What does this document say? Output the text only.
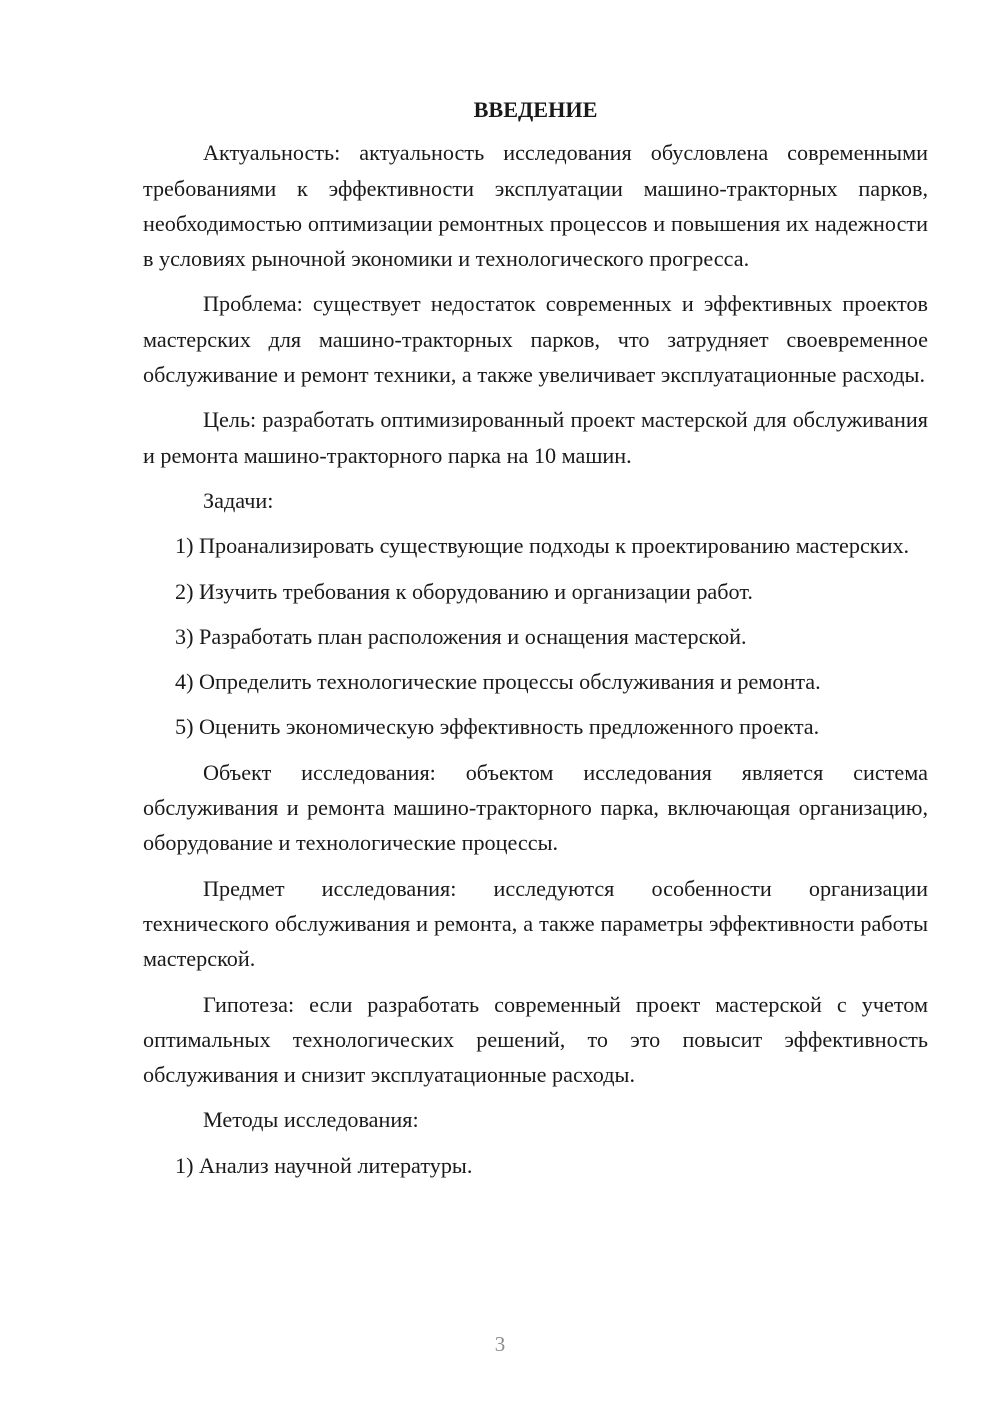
ВВЕДЕНИЕ

Актуальность: актуальность исследования обусловлена современными требованиями к эффективности эксплуатации машино-тракторных парков, необходимостью оптимизации ремонтных процессов и повышения их надежности в условиях рыночной экономики и технологического прогресса.

Проблема: существует недостаток современных и эффективных проектов мастерских для машино-тракторных парков, что затрудняет своевременное обслуживание и ремонт техники, а также увеличивает эксплуатационные расходы.

Цель: разработать оптимизированный проект мастерской для обслуживания и ремонта машино-тракторного парка на 10 машин.

Задачи:

1) Проанализировать существующие подходы к проектированию мастерских.

2) Изучить требования к оборудованию и организации работ.

3) Разработать план расположения и оснащения мастерской.

4) Определить технологические процессы обслуживания и ремонта.

5) Оценить экономическую эффективность предложенного проекта.

Объект исследования: объектом исследования является система обслуживания и ремонта машино-тракторного парка, включающая организацию, оборудование и технологические процессы.

Предмет исследования: исследуются особенности организации технического обслуживания и ремонта, а также параметры эффективности работы мастерской.

Гипотеза: если разработать современный проект мастерской с учетом оптимальных технологических решений, то это повысит эффективность обслуживания и снизит эксплуатационные расходы.

Методы исследования:

1) Анализ научной литературы.

3
